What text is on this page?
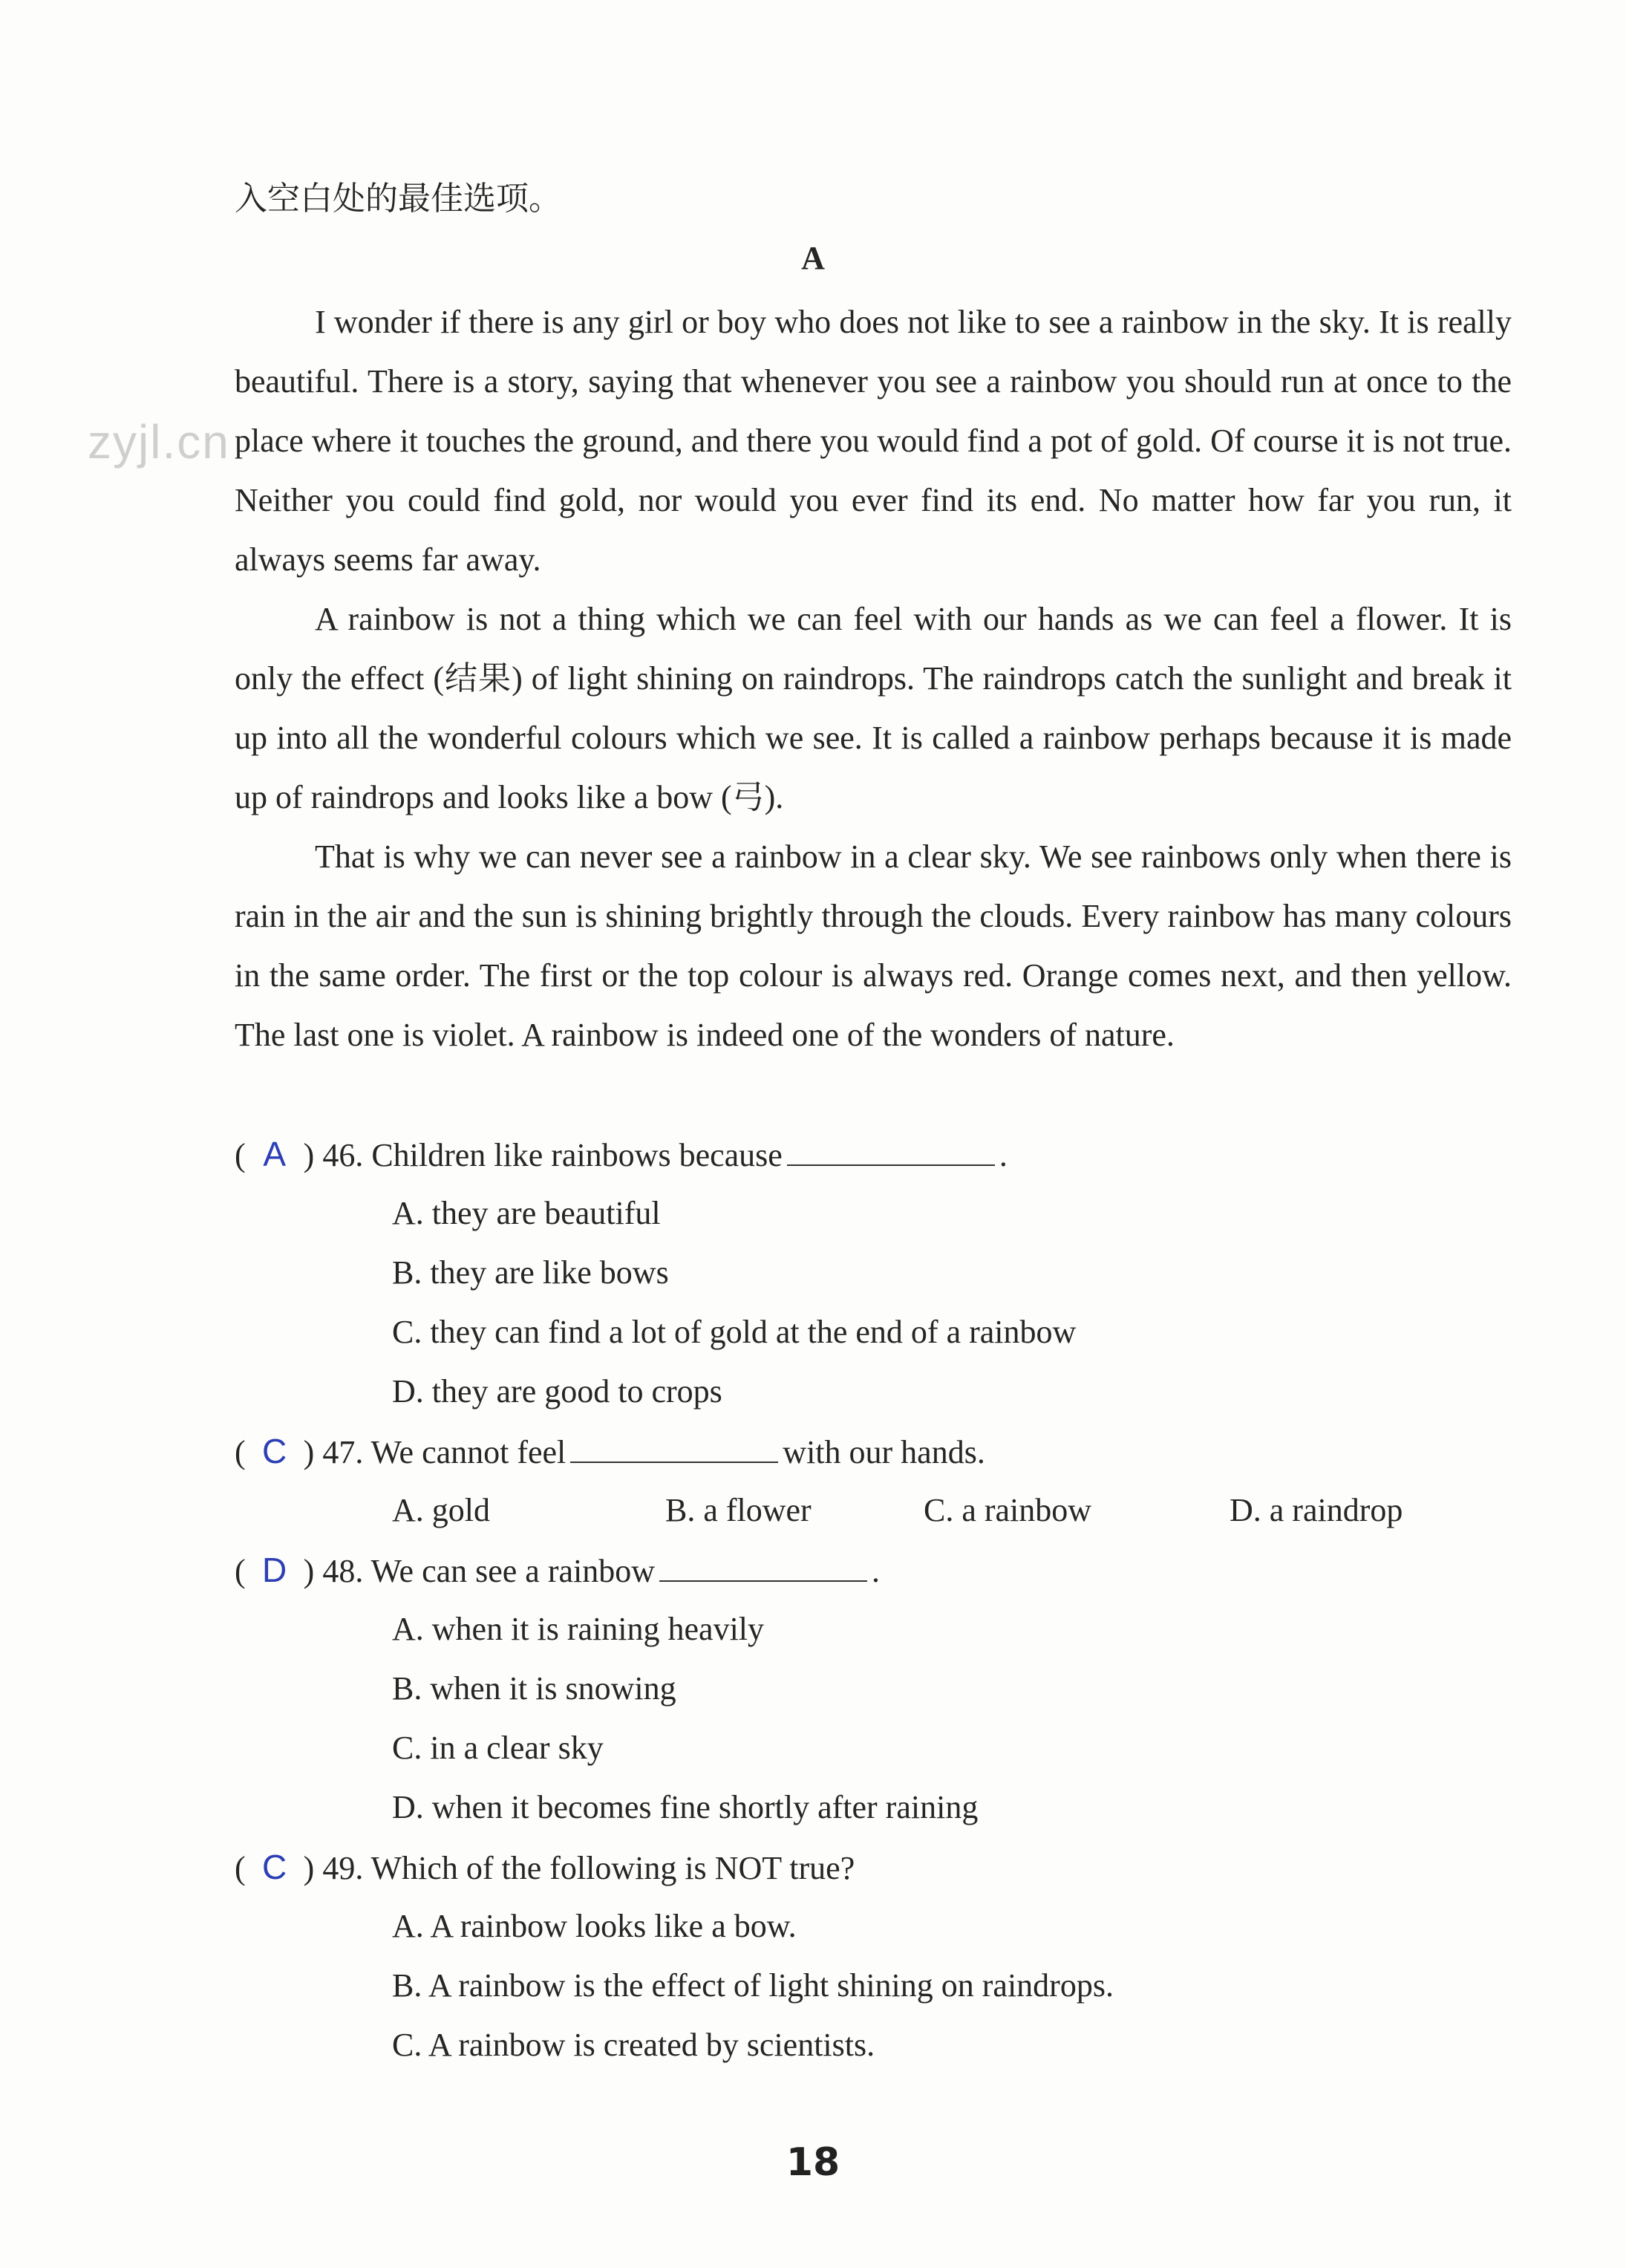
zyjl.cn
入空白处的最佳选项。
A

I wonder if there is any girl or boy who does not like to see a rainbow in the sky. It is really beautiful. There is a story, saying that whenever you see a rainbow you should run at once to the place where it touches the ground, and there you would find a pot of gold. Of course it is not true. Neither you could find gold, nor would you ever find its end. No matter how far you run, it always seems far away.

A rainbow is not a thing which we can feel with our hands as we can feel a flower. It is only the effect (结果) of light shining on raindrops. The raindrops catch the sunlight and break it up into all the wonderful colours which we see. It is called a rainbow perhaps because it is made up of raindrops and looks like a bow (弓).

That is why we can never see a rainbow in a clear sky. We see rainbows only when there is rain in the air and the sun is shining brightly through the clouds. Every rainbow has many colours in the same order. The first or the top colour is always red. Orange comes next, and then yellow. The last one is violet. A rainbow is indeed one of the wonders of nature.

( A ) 46. Children like rainbows because	.
A. they are beautiful
B. they are like bows
C. they can find a lot of gold at the end of a rainbow
D. they are good to crops
( C ) 47. We cannot feel	with our hands.
A. gold	B. a flower	C. a rainbow	D. a raindrop
( D ) 48. We can see a rainbow	.
A. when it is raining heavily
B. when it is snowing
C. in a clear sky
D. when it becomes fine shortly after raining
( C ) 49. Which of the following is NOT true?
A. A rainbow looks like a bow.
B. A rainbow is the effect of light shining on raindrops.
C. A rainbow is created by scientists.
18
